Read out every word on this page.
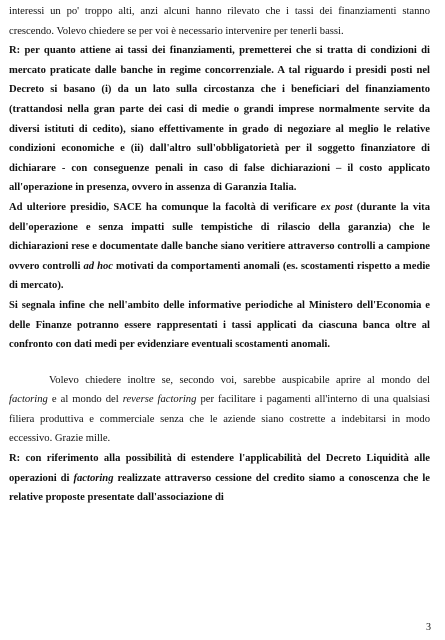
interessi un po' troppo alti, anzi alcuni hanno rilevato che i tassi dei finanziamenti stanno crescendo. Volevo chiedere se per voi è necessario intervenire per tenerli bassi.

R: per quanto attiene ai tassi dei finanziamenti, premetterei che si tratta di condizioni di mercato praticate dalle banche in regime concorrenziale. A tal riguardo i presidi posti nel Decreto si basano (i) da un lato sulla circostanza che i beneficiari del finanziamento (trattandosi nella gran parte dei casi di medie o grandi imprese normalmente servite da diversi istituti di cedito), siano effettivamente in grado di negoziare al meglio le relative condizioni economiche e (ii) dall'altro sull'obbligatorietà per il soggetto finanziatore di dichiarare - con conseguenze penali in caso di false dichiarazioni – il costo applicato all'operazione in presenza, ovvero in assenza di Garanzia Italia.

Ad ulteriore presidio, SACE ha comunque la facoltà di verificare ex post (durante la vita dell'operazione e senza impatti sulle tempistiche di rilascio della garanzia) che le dichiarazioni rese e documentate dalle banche siano veritiere attraverso controlli a campione ovvero controlli ad hoc motivati da comportamenti anomali (es. scostamenti rispetto a medie di mercato).

Si segnala infine che nell'ambito delle informative periodiche al Ministero dell'Economia e delle Finanze potranno essere rappresentati i tassi applicati da ciascuna banca oltre al confronto con dati medi per evidenziare eventuali scostamenti anomali.

Volevo chiedere inoltre se, secondo voi, sarebbe auspicabile aprire al mondo del factoring e al mondo del reverse factoring per facilitare i pagamenti all'interno di una qualsiasi filiera produttiva e commerciale senza che le aziende siano costrette a indebitarsi in modo eccessivo. Grazie mille.

R: con riferimento alla possibilità di estendere l'applicabilità del Decreto Liquidità alle operazioni di factoring realizzate attraverso cessione del credito siamo a conoscenza che le relative proposte presentate dall'associazione di

3
